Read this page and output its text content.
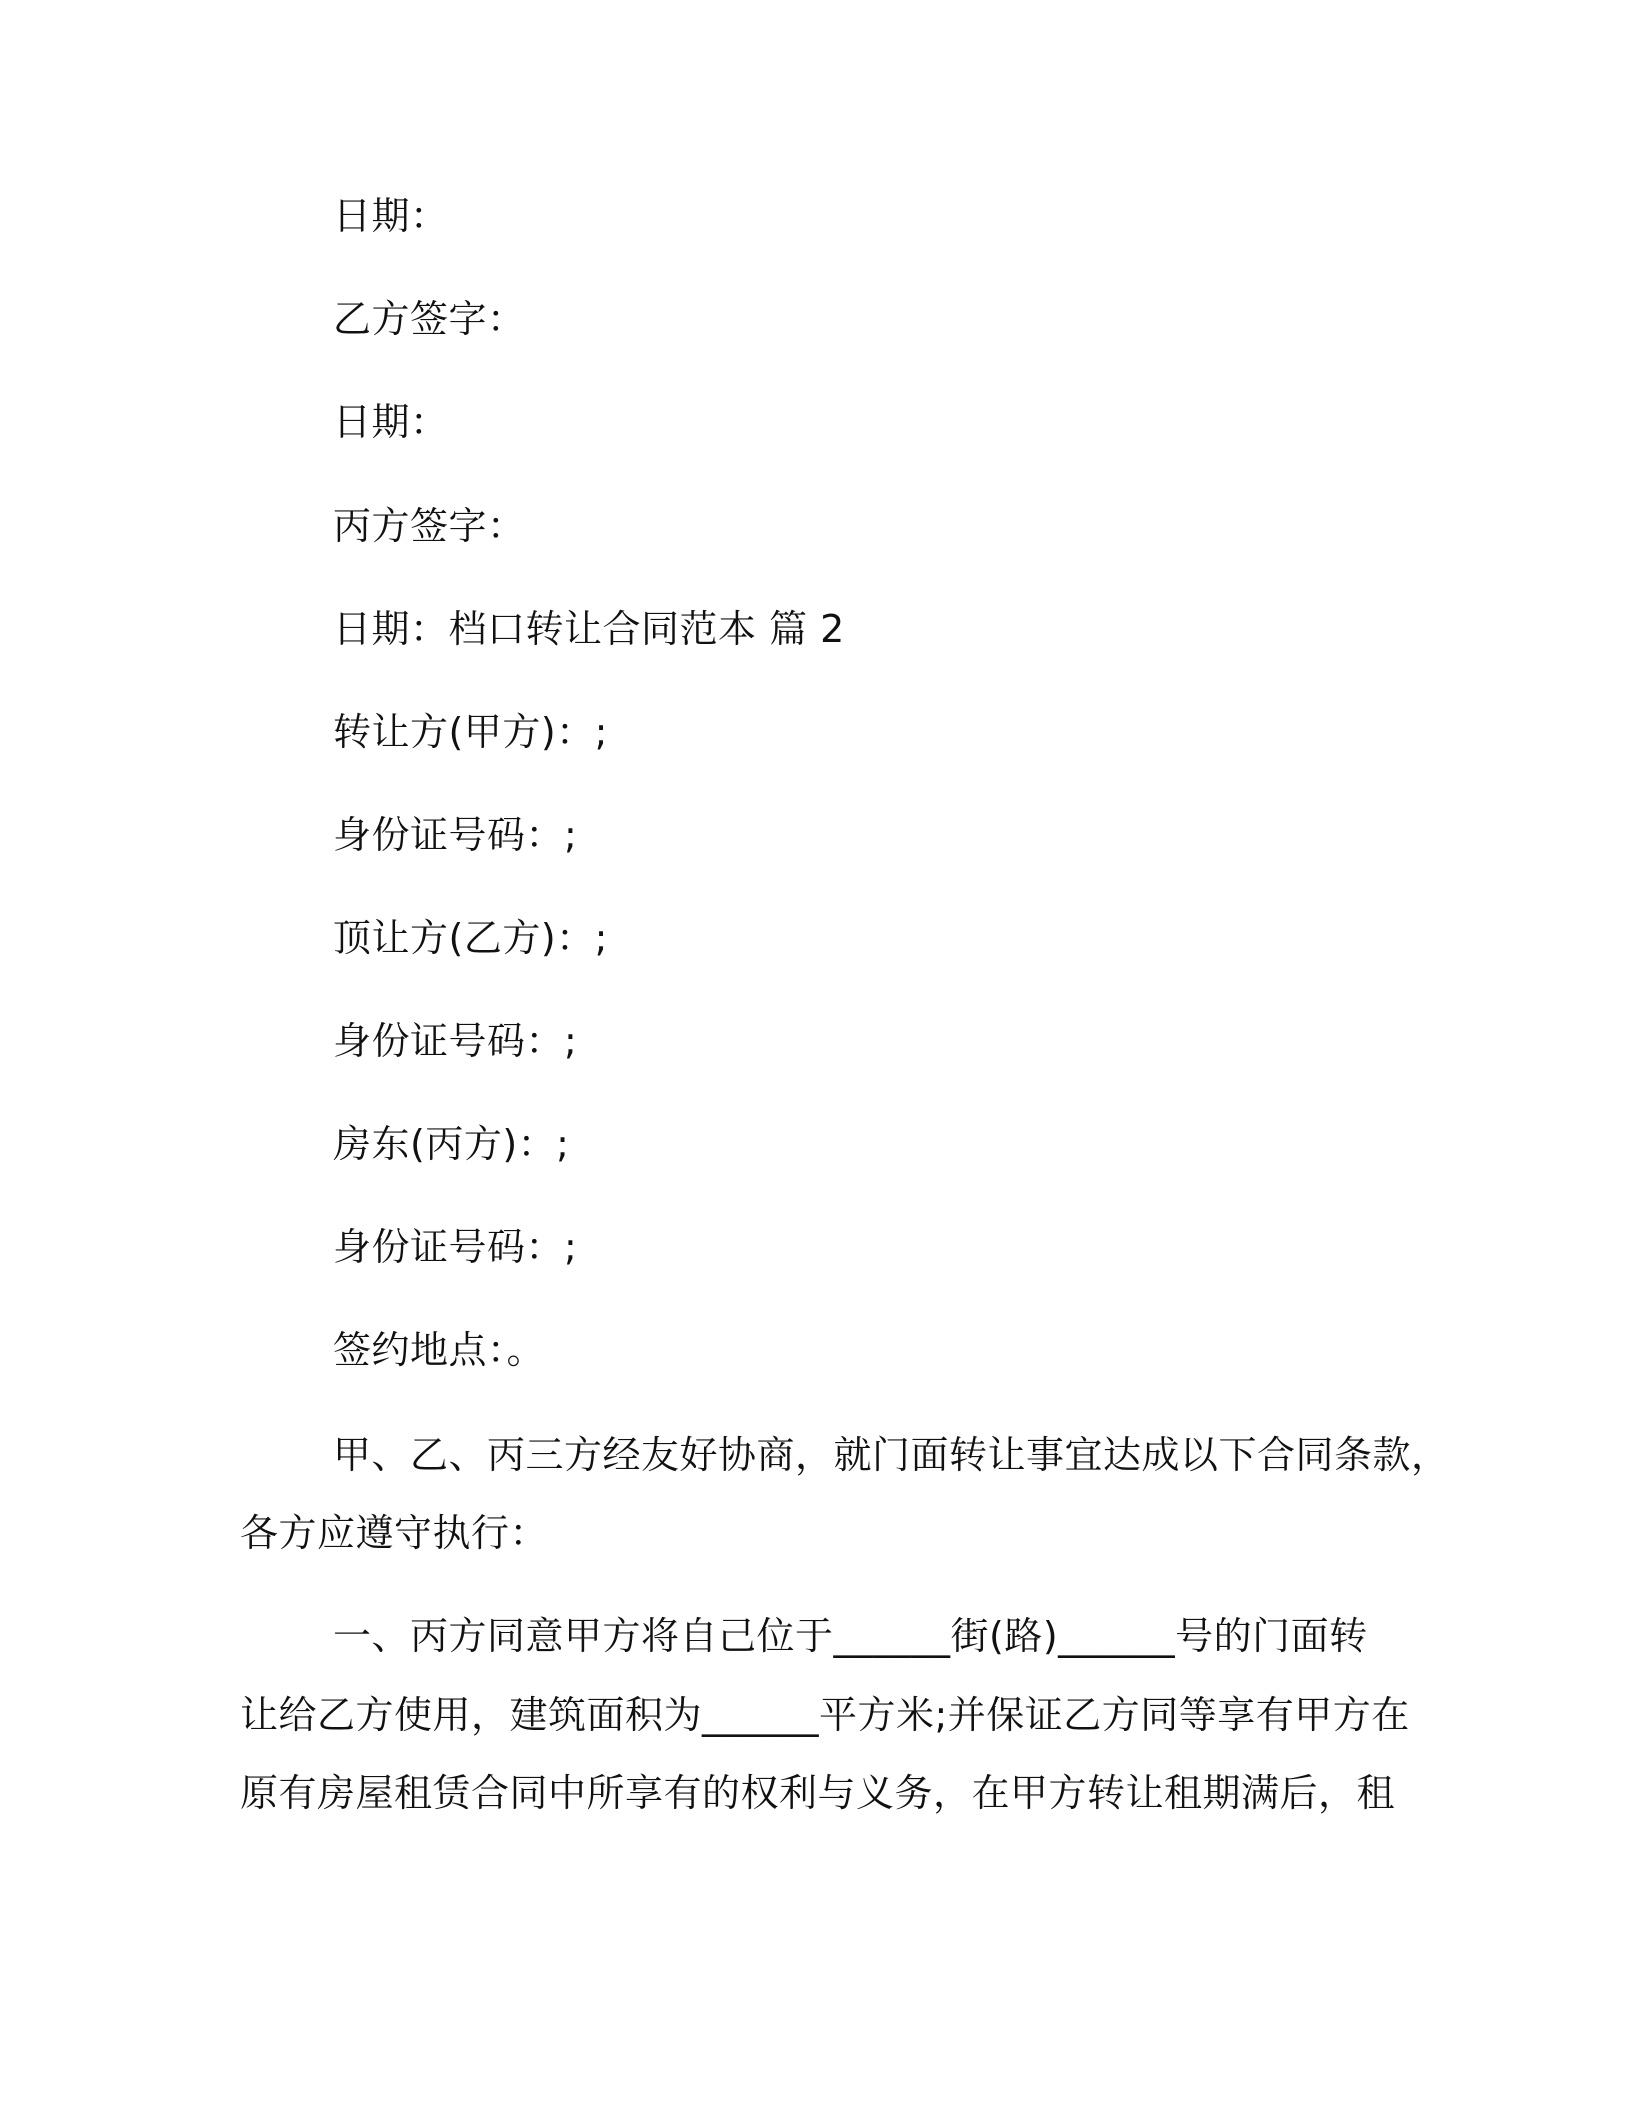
日期：
乙方签字：
日期：
丙方签字：
日期：档口转让合同范本 篇 2
转让方(甲方)：;
身份证号码：;
顶让方(乙方)：;
身份证号码：;
房东(丙方)：;
身份证号码：;
签约地点：。
甲、乙、丙三方经友好协商，就门面转让事宜达成以下合同条款，
各方应遵守执行：
一、丙方同意甲方将自己位于______街(路)______号的门面转
让给乙方使用，建筑面积为______平方米;并保证乙方同等享有甲方在
原有房屋租赁合同中所享有的权利与义务，在甲方转让租期满后，租
